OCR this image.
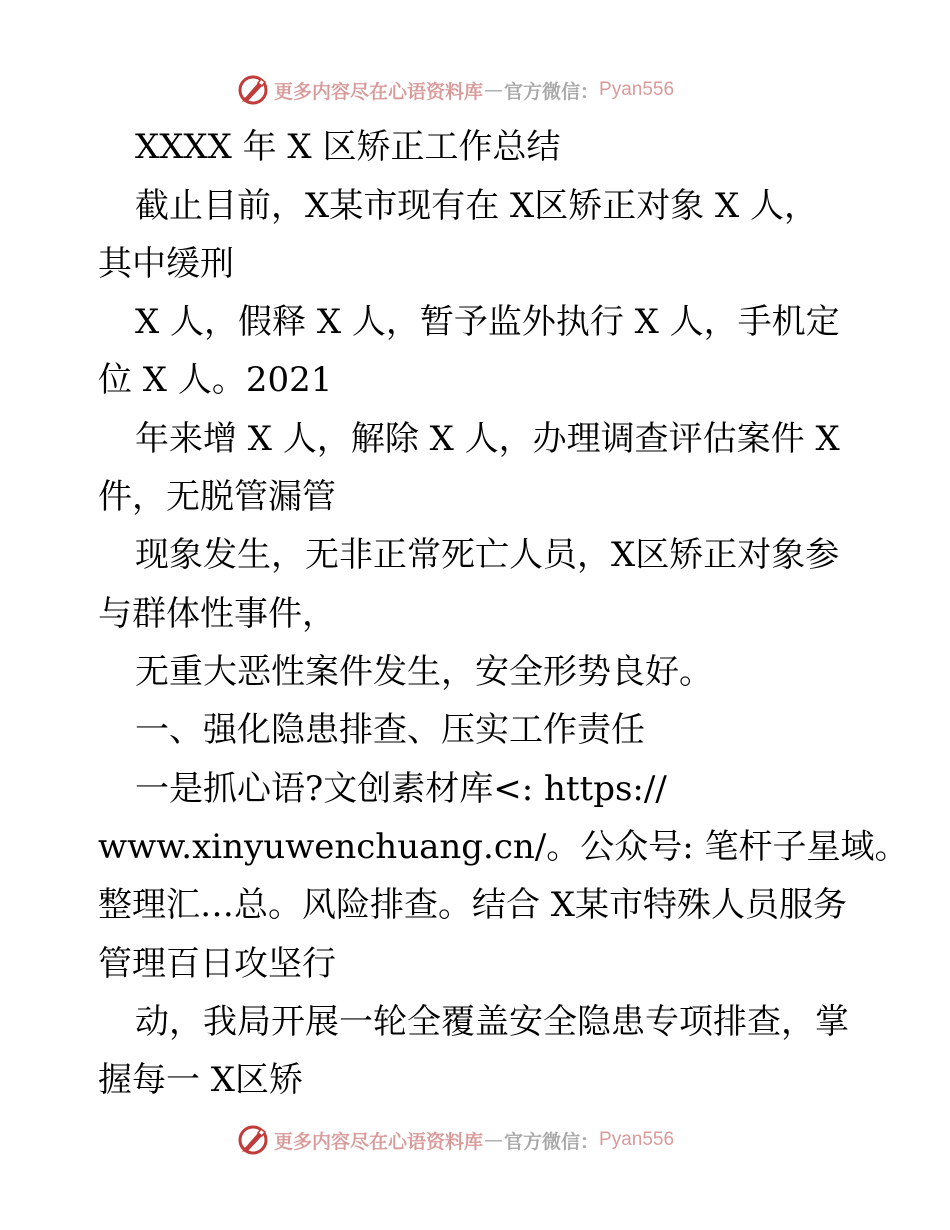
更多内容尽在心语资料库 — 官方微信： Pyan556
XXXX 年 X 区矫正工作总结
截止目前，X某市现有在 X区矫正对象 X 人，
其中缓刑
X 人，假释 X 人，暂予监外执行 X 人，手机定
位 X 人。2021
年来增 X 人，解除 X 人，办理调查评估案件 X
件，无脱管漏管
现象发生，无非正常死亡人员，X区矫正对象参
与群体性事件，
无重大恶性案件发生，安全形势良好。
一、强化隐患排查、压实工作责任
一是抓心语?文创素材库<: https://
www.xinyuwenchuang.cn/。公众号: 笔杆子星域。
整理汇…总。风险排查。结合 X某市特殊人员服务
管理百日攻坚行
动，我局开展一轮全覆盖安全隐患专项排查，掌
握每一 X区矫
更多内容尽在心语资料库 — 官方微信： Pyan556
